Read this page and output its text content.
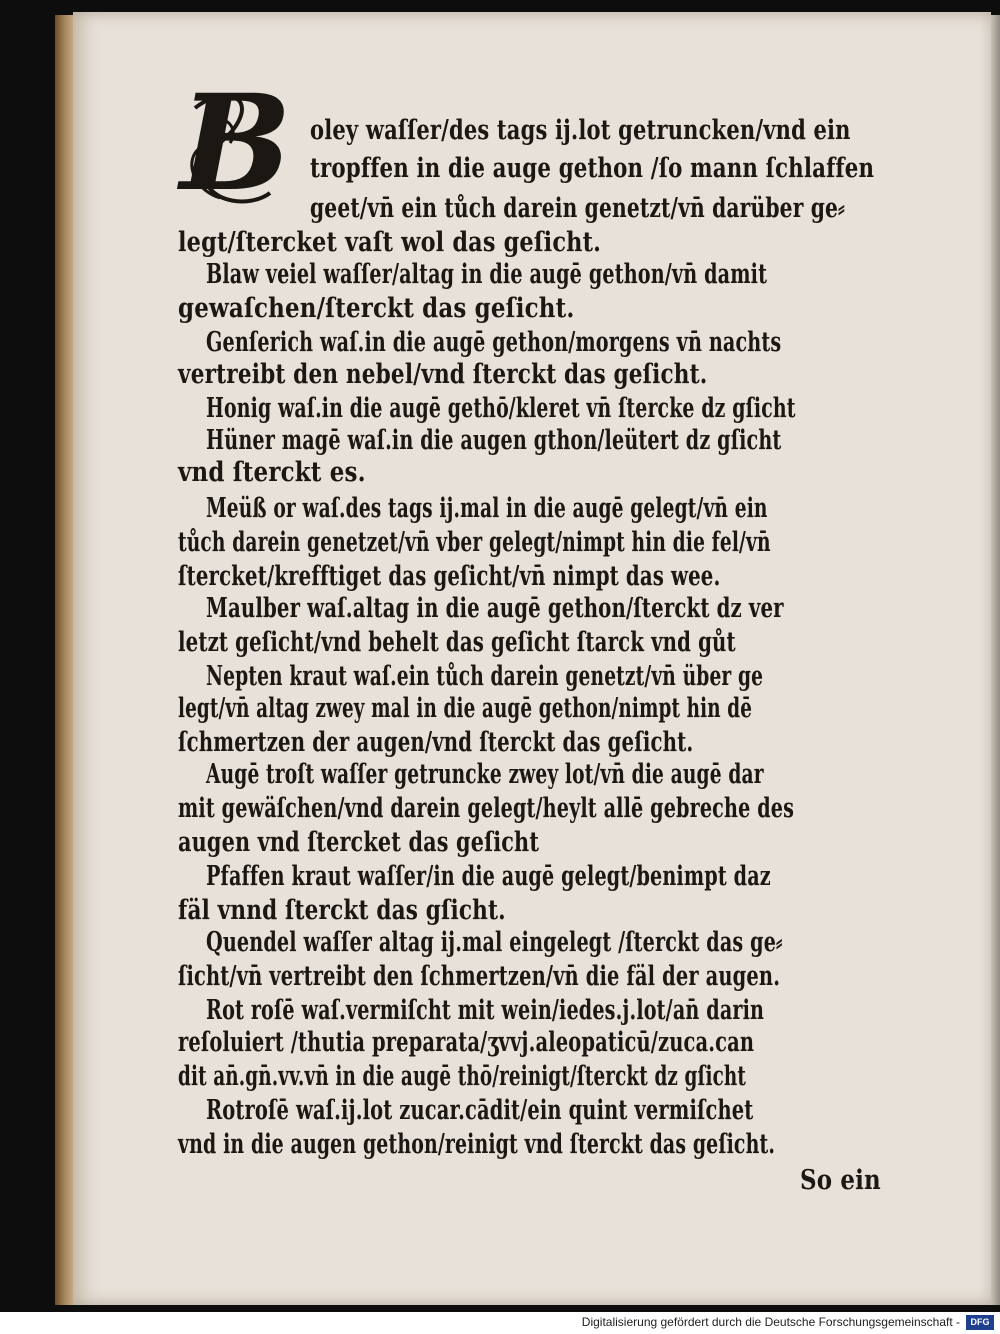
B oley waſſer/des tags ij.lot getruncken/vnd ein
tropffen in die auge gethon /ſo mann ſchlaffen
geet/vn̄ ein tůch darein genetzt/vn̄ darüber ge⸗
legt/ſtercket vaſt wol das geſicht.
Blaw veiel waſſer/altag in die augē gethon/vn̄ damit
gewaſchen/ſterckt das geſicht.
Genſerich waſ.in die augē gethon/morgens vn̄ nachts
vertreibt den nebel/vnd ſterckt das geſicht.
Honig waſ.in die augē gethō/kleret vn̄ ſtercke dz gſicht
Hüner magē waſ.in die augen gthon/leütert dz gſicht
vnd ſterckt es.
Meüß or waſ.des tags ij.mal in die augē gelegt/vn̄ ein
tůch darein genetzet/vn̄ vber gelegt/nimpt hin die fel/vn̄
ſtercket/krefftiget das geſicht/vn̄ nimpt das wee.
Maulber waſ.altag in die augē gethon/ſterckt dz ver
letzt geſicht/vnd behelt das geſicht ſtarck vnd gůt
Nepten kraut waſ.ein tůch darein genetzt/vn̄ über ge
legt/vn̄ altag zwey mal in die augē gethon/nimpt hin dē
ſchmertzen der augen/vnd ſterckt das geſicht.
Augē troſt waſſer getruncke zwey lot/vn̄ die augē dar
mit gewäſchen/vnd darein gelegt/heylt allē gebreche des
augen vnd ſtercket das geſicht
Pfaffen kraut waſſer/in die augē gelegt/benimpt daz
fäl vnnd ſterckt das gſicht.
Quendel waſſer altag ij.mal eingelegt /ſterckt das ge⸗
ſicht/vn̄ vertreibt den ſchmertzen/vn̄ die fäl der augen.
Rot roſē waſ.vermiſcht mit wein/iedes.j.lot/an̄ darin
reſoluiert /thutia preparata/ʒvvj.aleopaticū/zuca.can
dit an̄.gn̄.vv.vn̄ in die augē thō/reinigt/ſterckt dz gſicht
Rotroſē waſ.ij.lot zucar.cādit/ein quint vermiſchet
vnd in die augen gethon/reinigt vnd ſterckt das geſicht.
So ein
Digitalisierung gefördert durch die Deutsche Forschungsgemeinschaft -	DFG
